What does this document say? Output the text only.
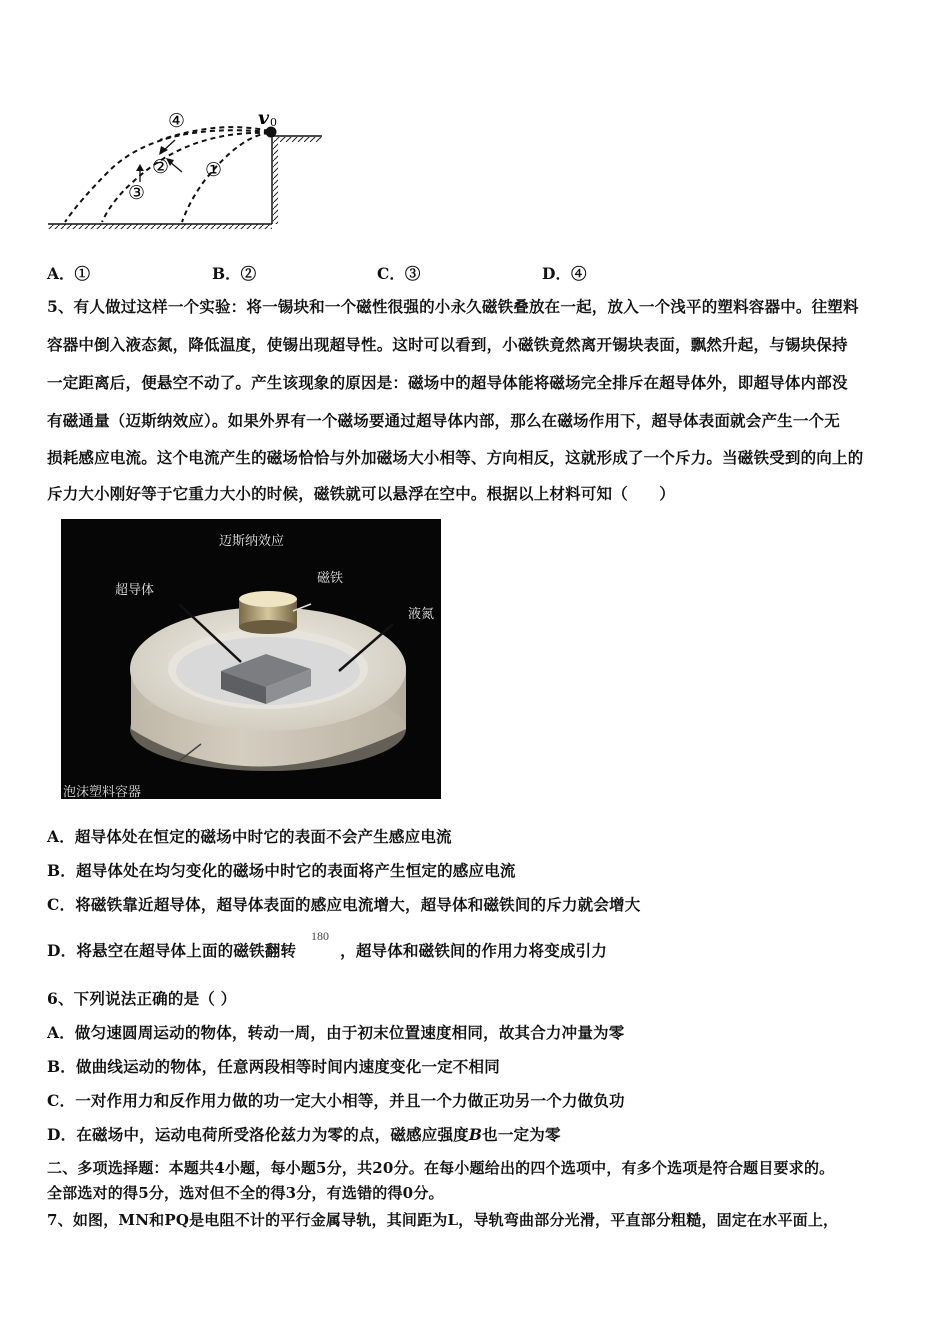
④
② ①
③
v 0
A．①	B．②	C．③	D．④
5、有人做过这样一个实验：将一锡块和一个磁性很强的小永久磁铁叠放在一起，放入一个浅平的塑料容器中。往塑料
容器中倒入液态氮，降低温度，使锡出现超导性。这时可以看到，小磁铁竟然离开锡块表面，飘然升起，与锡块保持
一定距离后，便悬空不动了。产生该现象的原因是：磁场中的超导体能将磁场完全排斥在超导体外，即超导体内部没
有磁通量（迈斯纳效应）。如果外界有一个磁场要通过超导体内部，那么在磁场作用下，超导体表面就会产生一个无
损耗感应电流。这个电流产生的磁场恰恰与外加磁场大小相等、方向相反，这就形成了一个斥力。当磁铁受到的向上的
斥力大小刚好等于它重力大小的时候，磁铁就可以悬浮在空中。根据以上材料可知（　　）
迈斯纳效应
超导体
磁铁
液氮
泡沫塑料容器
A．超导体处在恒定的磁场中时它的表面不会产生感应电流
B．超导体处在均匀变化的磁场中时它的表面将产生恒定的感应电流
C．将磁铁靠近超导体，超导体表面的感应电流增大，超导体和磁铁间的斥力就会增大
D．将悬空在超导体上面的磁铁翻转	，超导体和磁铁间的作用力将变成引力
180
6、下列说法正确的是（ ）
A．做匀速圆周运动的物体，转动一周，由于初末位置速度相同，故其合力冲量为零
B．做曲线运动的物体，任意两段相等时间内速度变化一定不相同
C．一对作用力和反作用力做的功一定大小相等，并且一个力做正功另一个力做负功
D．在磁场中，运动电荷所受洛伦兹力为零的点，磁感应强度B也一定为零
二、多项选择题：本题共4小题，每小题5分，共20分。在每小题给出的四个选项中，有多个选项是符合题目要求的。
全部选对的得5分，选对但不全的得3分，有选错的得0分。
7、如图，MN和PQ是电阻不计的平行金属导轨，其间距为L，导轨弯曲部分光滑，平直部分粗糙，固定在水平面上，
